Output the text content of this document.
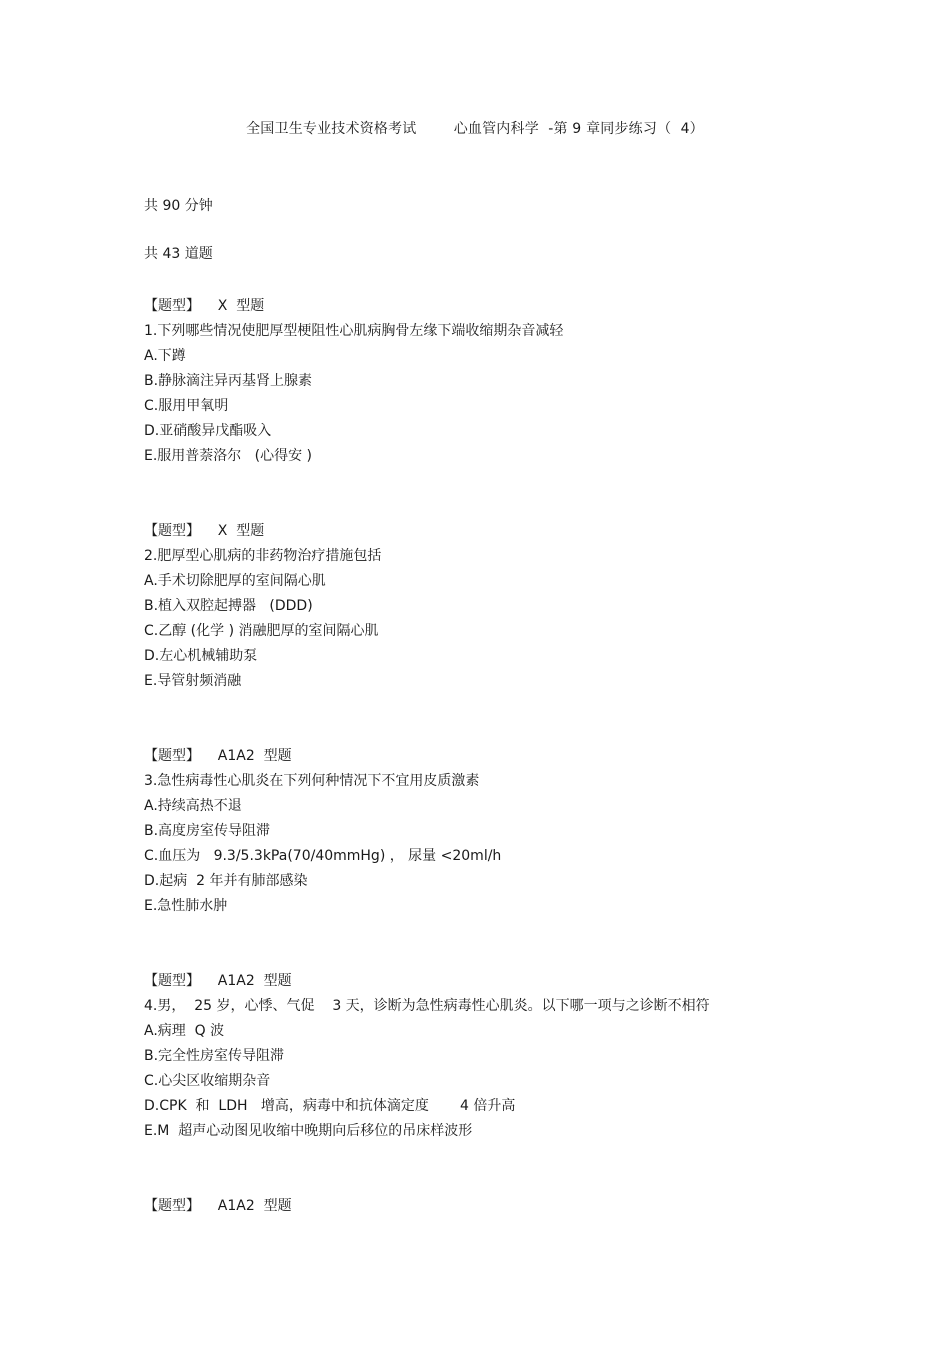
全国卫生专业技术资格考试        心血管内科学  -第 9 章同步练习（  4）
共 90 分钟
共 43 道题
【题型】    X  型题
1.下列哪些情况使肥厚型梗阻性心肌病胸骨左缘下端收缩期杂音减轻
A.下蹲
B.静脉滴注异丙基肾上腺素
C.服用甲氧明
D.亚硝酸异戊酯吸入
E.服用普萘洛尔   (心得安 )
【题型】    X  型题
2.肥厚型心肌病的非药物治疗措施包括
A.手术切除肥厚的室间隔心肌
B.植入双腔起搏器   (DDD)
C.乙醇 (化学 ) 消融肥厚的室间隔心肌
D.左心机械辅助泵
E.导管射频消融
【题型】    A1A2  型题
3.急性病毒性心肌炎在下列何种情况下不宜用皮质激素
A.持续高热不退
B.高度房室传导阻滞
C.血压为   9.3/5.3kPa(70/40mmHg) ， 尿量 <20ml/h
D.起病  2 年并有肺部感染
E.急性肺水肿
【题型】    A1A2  型题
4.男，  25 岁，心悸、气促    3 天，诊断为急性病毒性心肌炎。以下哪一项与之诊断不相符
A.病理  Q 波
B.完全性房室传导阻滞
C.心尖区收缩期杂音
D.CPK  和  LDH   增高，病毒中和抗体滴定度       4 倍升高
E.M  超声心动图见收缩中晚期向后移位的吊床样波形
【题型】    A1A2  型题
